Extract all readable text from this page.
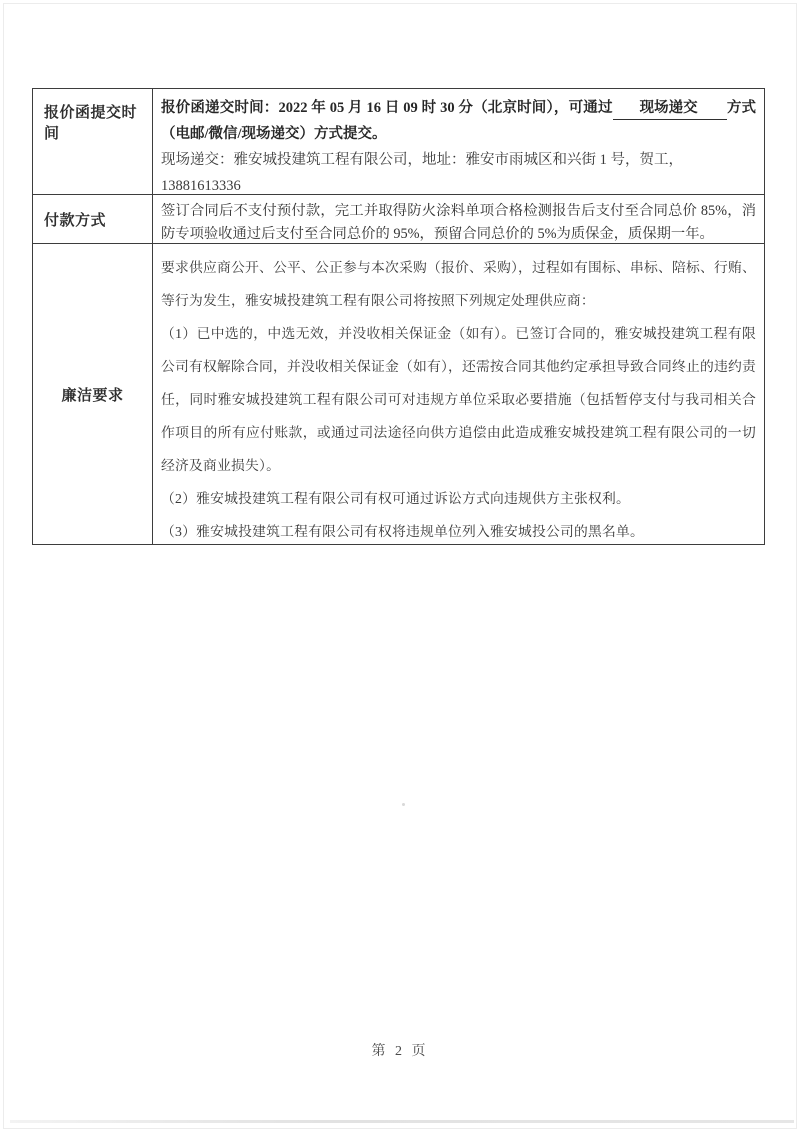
报价函提交时间

报价函递交时间：2022 年 05 月 16 日 09 时 30 分（北京时间），可通过 现场递交 方式（电邮/微信/现场递交）方式提交。

现场递交：雅安城投建筑工程有限公司，地址：雅安市雨城区和兴街 1 号，贺工，13881613336

付款方式

签订合同后不支付预付款，完工并取得防火涂料单项合格检测报告后支付至合同总价 85%，消防专项验收通过后支付至合同总价的 95%，预留合同总价的 5%为质保金，质保期一年。

廉洁要求

要求供应商公开、公平、公正参与本次采购（报价、采购），过程如有围标、串标、陪标、行贿、等行为发生，雅安城投建筑工程有限公司将按照下列规定处理供应商：

（1）已中选的，中选无效，并没收相关保证金（如有）。已签订合同的，雅安城投建筑工程有限公司有权解除合同，并没收相关保证金（如有），还需按合同其他约定承担导致合同终止的违约责任，同时雅安城投建筑工程有限公司可对违规方单位采取必要措施（包括暂停支付与我司相关合作项目的所有应付账款，或通过司法途径向供方追偿由此造成雅安城投建筑工程有限公司的一切经济及商业损失）。

（2）雅安城投建筑工程有限公司有权可通过诉讼方式向违规供方主张权利。

（3）雅安城投建筑工程有限公司有权将违规单位列入雅安城投公司的黑名单。

第 2 页
